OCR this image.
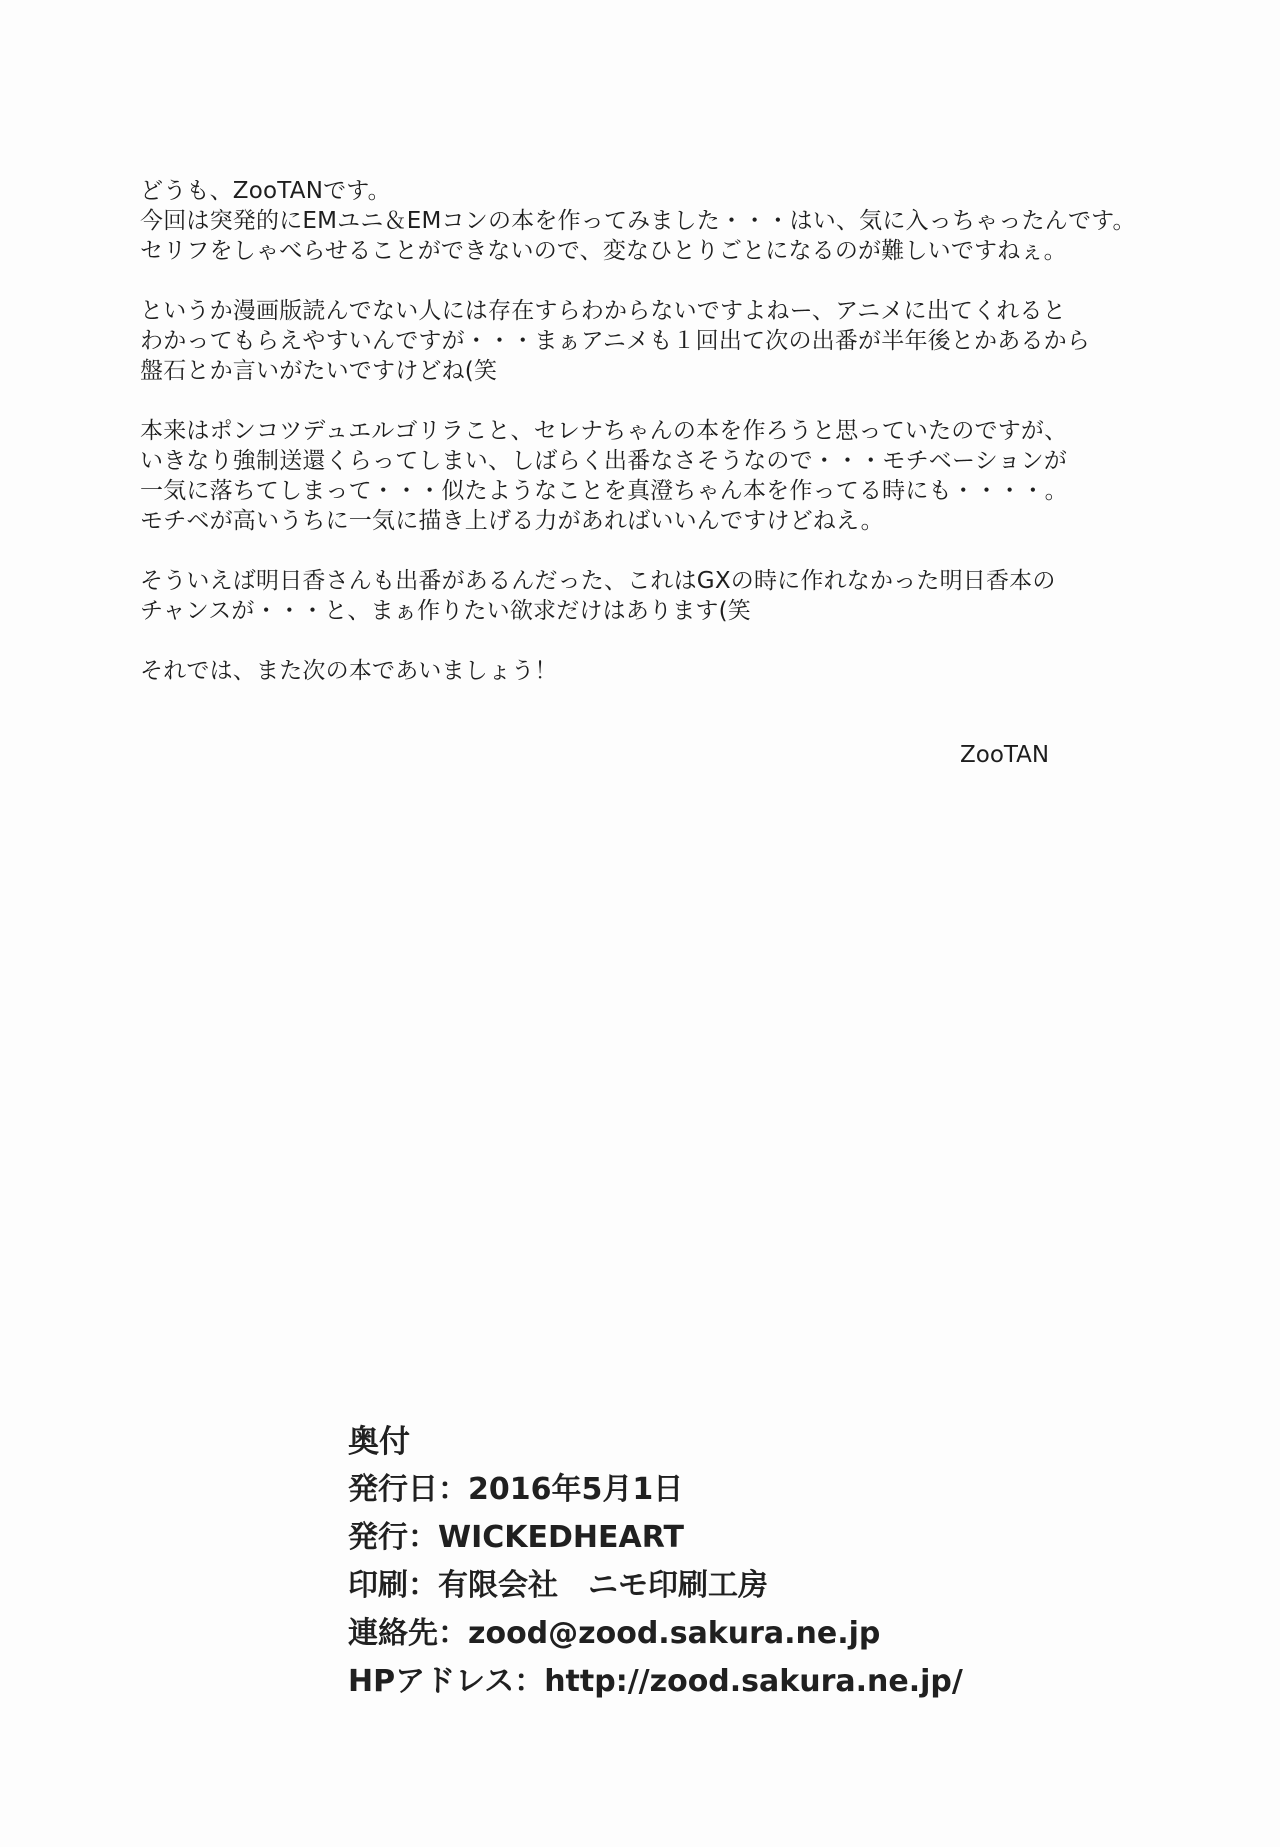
どうも、ZooTANです。
今回は突発的にEMユニ＆EMコンの本を作ってみました・・・はい、気に入っちゃったんです。
セリフをしゃべらせることができないので、変なひとりごとになるのが難しいですねぇ。

というか漫画版読んでない人には存在すらわからないですよねー、アニメに出てくれると
わかってもらえやすいんですが・・・まぁアニメも１回出て次の出番が半年後とかあるから
盤石とか言いがたいですけどね(笑

本来はポンコツデュエルゴリラこと、セレナちゃんの本を作ろうと思っていたのですが、
いきなり強制送還くらってしまい、しばらく出番なさそうなので・・・モチベーションが
一気に落ちてしまって・・・似たようなことを真澄ちゃん本を作ってる時にも・・・・。
モチベが高いうちに一気に描き上げる力があればいいんですけどねえ。

そういえば明日香さんも出番があるんだった、これはGXの時に作れなかった明日香本の
チャンスが・・・と、まぁ作りたい欲求だけはあります(笑

それでは、また次の本であいましょう！

ZooTAN
奥付
発行日：2016年5月1日
発行：WICKEDHEART
印刷：有限会社　ニモ印刷工房
連絡先：zood@zood.sakura.ne.jp
HPアドレス：http://zood.sakura.ne.jp/
